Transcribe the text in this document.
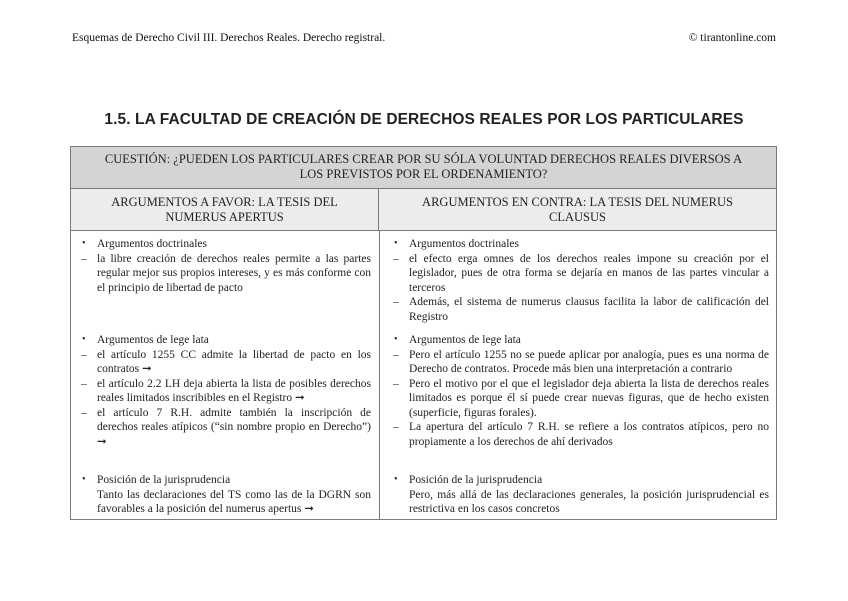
Esquemas de Derecho Civil III. Derechos Reales. Derecho registral.	© tirantonline.com
1.5. LA FACULTAD DE CREACIÓN DE DERECHOS REALES POR LOS PARTICULARES
CUESTIÓN: ¿PUEDEN LOS PARTICULARES CREAR POR SU SÓLA VOLUNTAD DERECHOS REALES DIVERSOS A
LOS PREVISTOS POR EL ORDENAMIENTO?
ARGUMENTOS A FAVOR: LA TESIS DEL
NUMERUS APERTUS
ARGUMENTOS EN CONTRA: LA TESIS DEL NUMERUS
CLAUSUS
• Argumentos doctrinales
– la libre creación de derechos reales permite a las partes regular mejor sus propios intereses, y es más conforme con el principio de libertad de pacto
• Argumentos de lege lata
– el artículo 1255 CC admite la libertad de pacto en los contratos ➞
– el artículo 2.2 LH deja abierta la lista de posibles derechos reales limitados inscribibles en el Registro ➞
– el artículo 7 R.H. admite también la inscripción de derechos reales atípicos (“sin nombre propio en Derecho”) ➞
• Posición de la jurisprudencia
Tanto las declaraciones del TS como las de la DGRN son favorables a la posición del numerus apertus ➞
• Argumentos doctrinales
– el efecto erga omnes de los derechos reales impone su creación por el legislador, pues de otra forma se dejaría en manos de las partes vincular a terceros
– Además, el sistema de numerus clausus facilita la labor de calificación del Registro
• Argumentos de lege lata
– Pero el artículo 1255 no se puede aplicar por analogía, pues es una norma de Derecho de contratos. Procede más bien una interpretación a contrario
– Pero el motivo por el que el legislador deja abierta la lista de derechos reales limitados es porque él sí puede crear nuevas figuras, que de hecho existen (superficie, figuras forales).
– La apertura del artículo 7 R.H. se refiere a los contratos atípicos, pero no propiamente a los derechos de ahí derivados
• Posición de la jurisprudencia
Pero, más allá de las declaraciones generales, la posición jurisprudencial es restrictiva en los casos concretos
